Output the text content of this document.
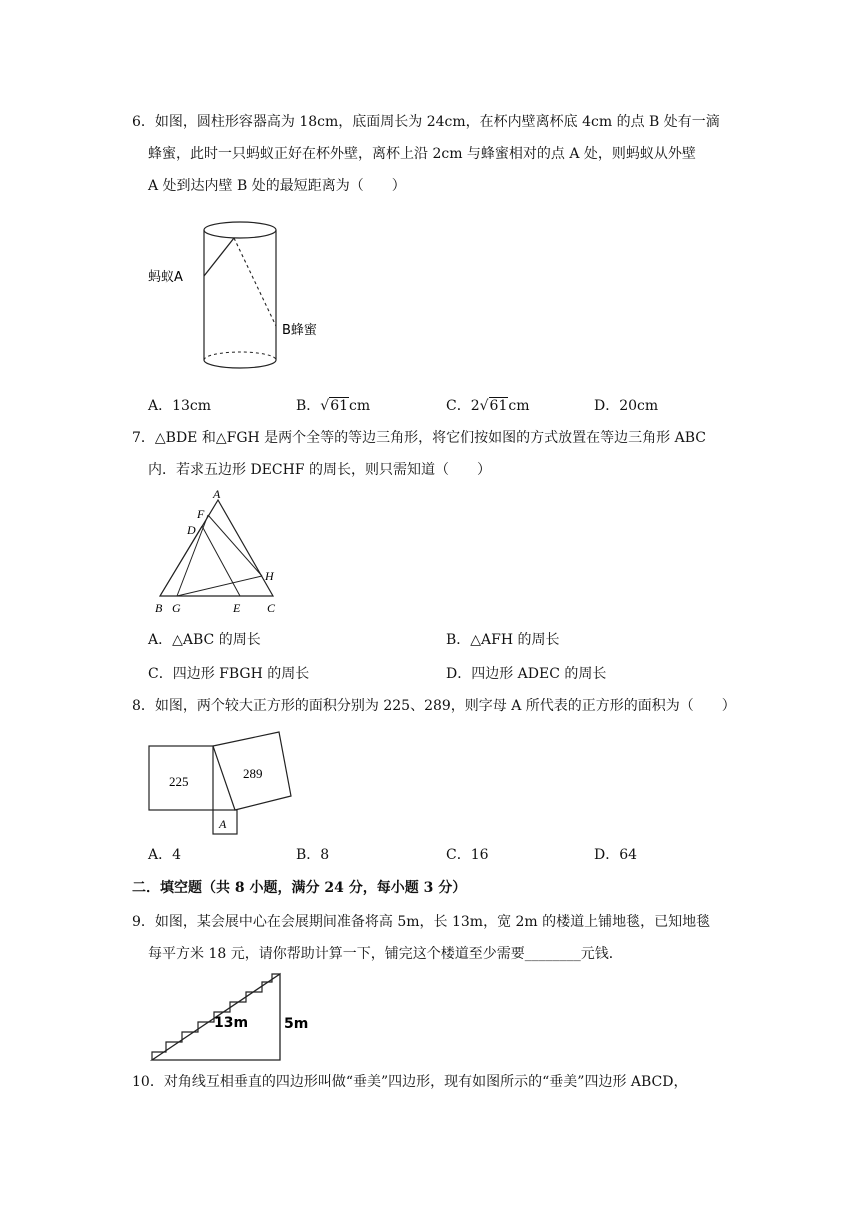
6．如图，圆柱形容器高为 18cm，底面周长为 24cm，在杯内壁离杯底 4cm 的点 B 处有一滴
蜂蜜，此时一只蚂蚁正好在杯外壁，离杯上沿 2cm 与蜂蜜相对的点 A 处，则蚂蚁从外壁
A 处到达内壁 B 处的最短距离为（　　）
蚂蚁A
B蜂蜜
A．13cm	B．√61cm	C．2√61cm	D．20cm
7．△BDE 和△FGH 是两个全等的等边三角形，将它们按如图的方式放置在等边三角形 ABC
内．若求五边形 DECHF 的周长，则只需知道（　　）
A
F
D
H
B G	E C
A．△ABC 的周长	B．△AFH 的周长
C．四边形 FBGH 的周长	D．四边形 ADEC 的周长
8．如图，两个较大正方形的面积分别为 225、289，则字母 A 所代表的正方形的面积为（　　）
225
289
A
A．4	B．8	C．16	D．64
二．填空题（共 8 小题，满分 24 分，每小题 3 分）
9．如图，某会展中心在会展期间准备将高 5m，长 13m，宽 2m 的楼道上铺地毯，已知地毯
每平方米 18 元，请你帮助计算一下，铺完这个楼道至少需要________元钱．
13m	5m
10．对角线互相垂直的四边形叫做“垂美”四边形，现有如图所示的“垂美”四边形 ABCD，
